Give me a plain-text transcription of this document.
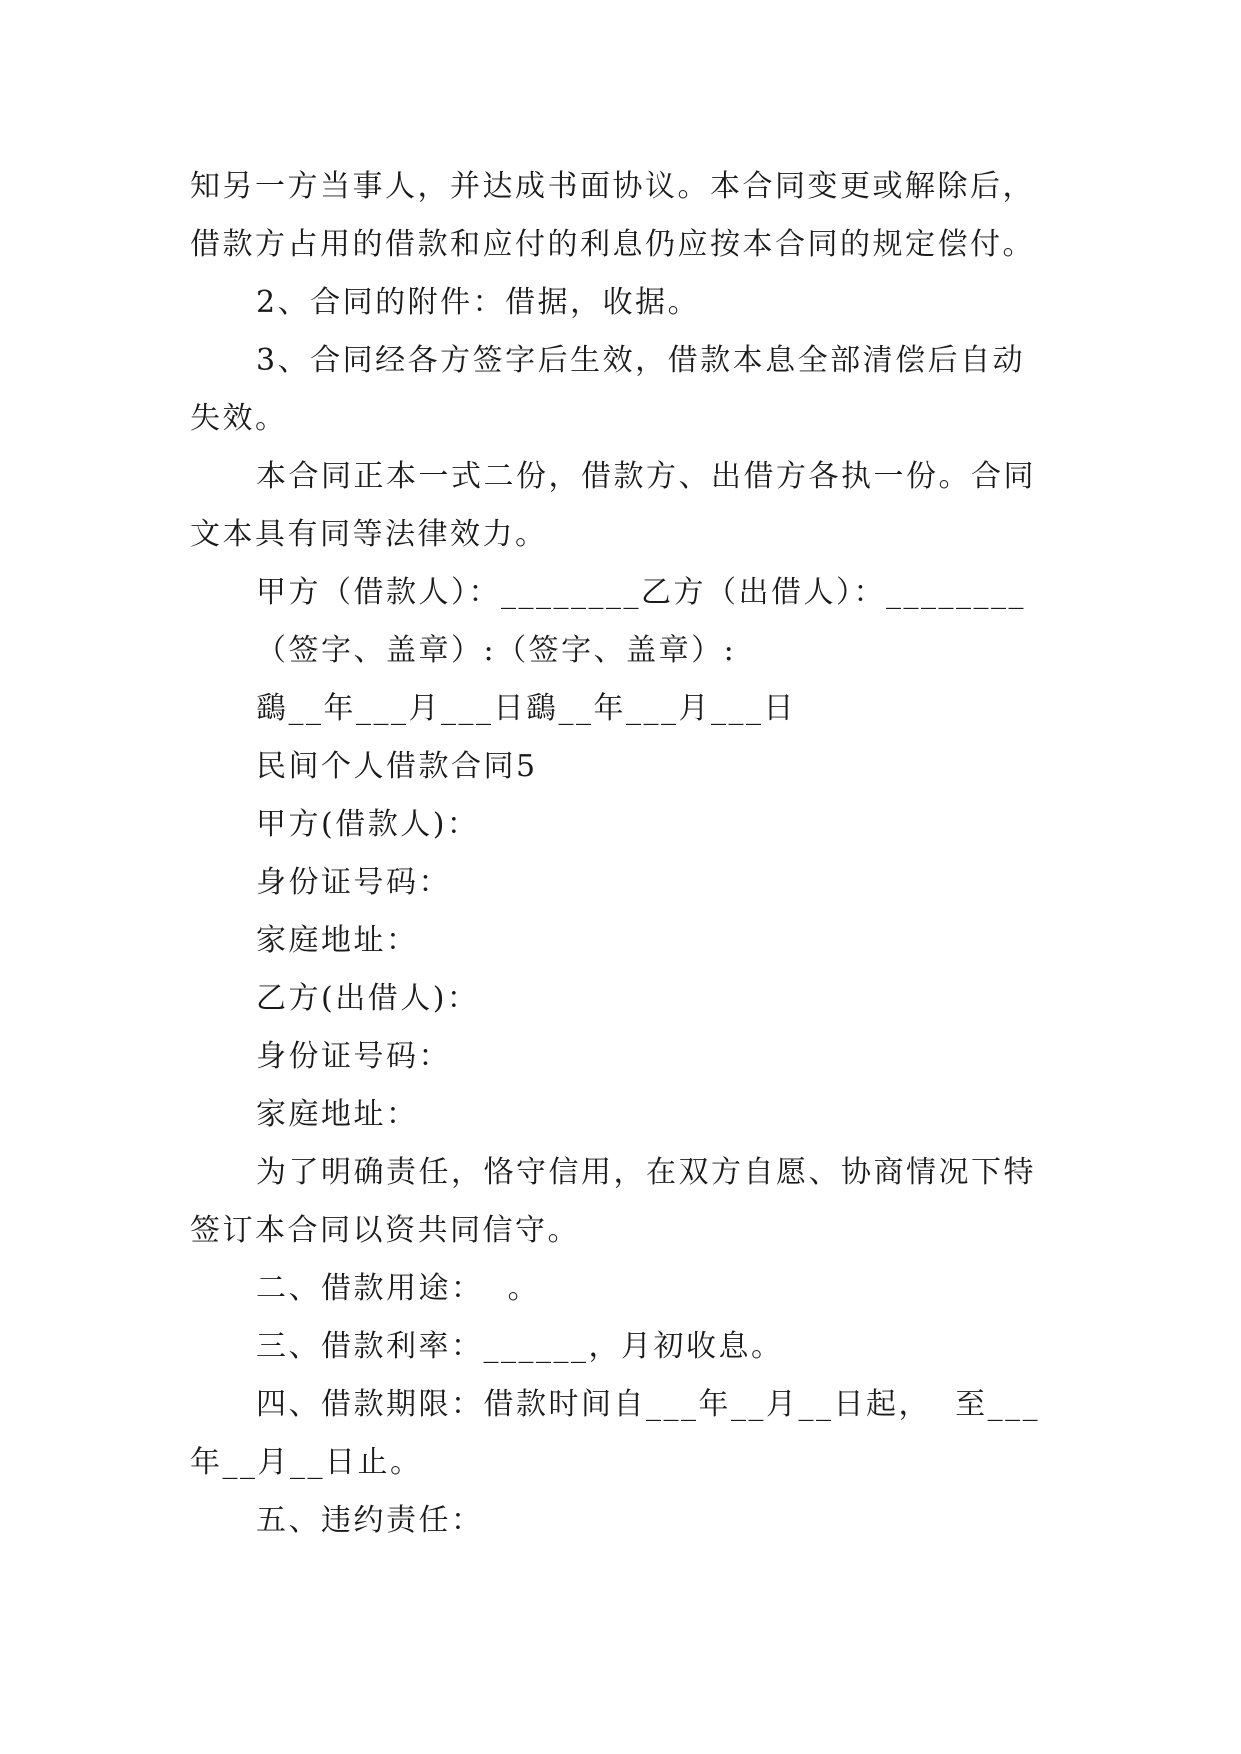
知另一方当事人，并达成书面协议。本合同变更或解除后，
借款方占用的借款和应付的利息仍应按本合同的规定偿付。
2、合同的附件：借据，收据。
3、合同经各方签字后生效，借款本息全部清偿后自动
失效。
本合同正本一式二份，借款方、出借方各执一份。合同
文本具有同等法律效力。
甲方（借款人）：________乙方（出借人）：________
（签字、盖章）:（签字、盖章）:
鷂__年___月___日鷂__年___月___日
民间个人借款合同5
甲方(借款人)：
身份证号码：
家庭地址：
乙方(出借人)：
身份证号码：
家庭地址：
为了明确责任，恪守信用，在双方自愿、协商情况下特
签订本合同以资共同信守。
二、借款用途：  。
三、借款利率：______，月初收息。
四、借款期限：借款时间自___年__月__日起，  至___
年__月__日止。
五、违约责任：
